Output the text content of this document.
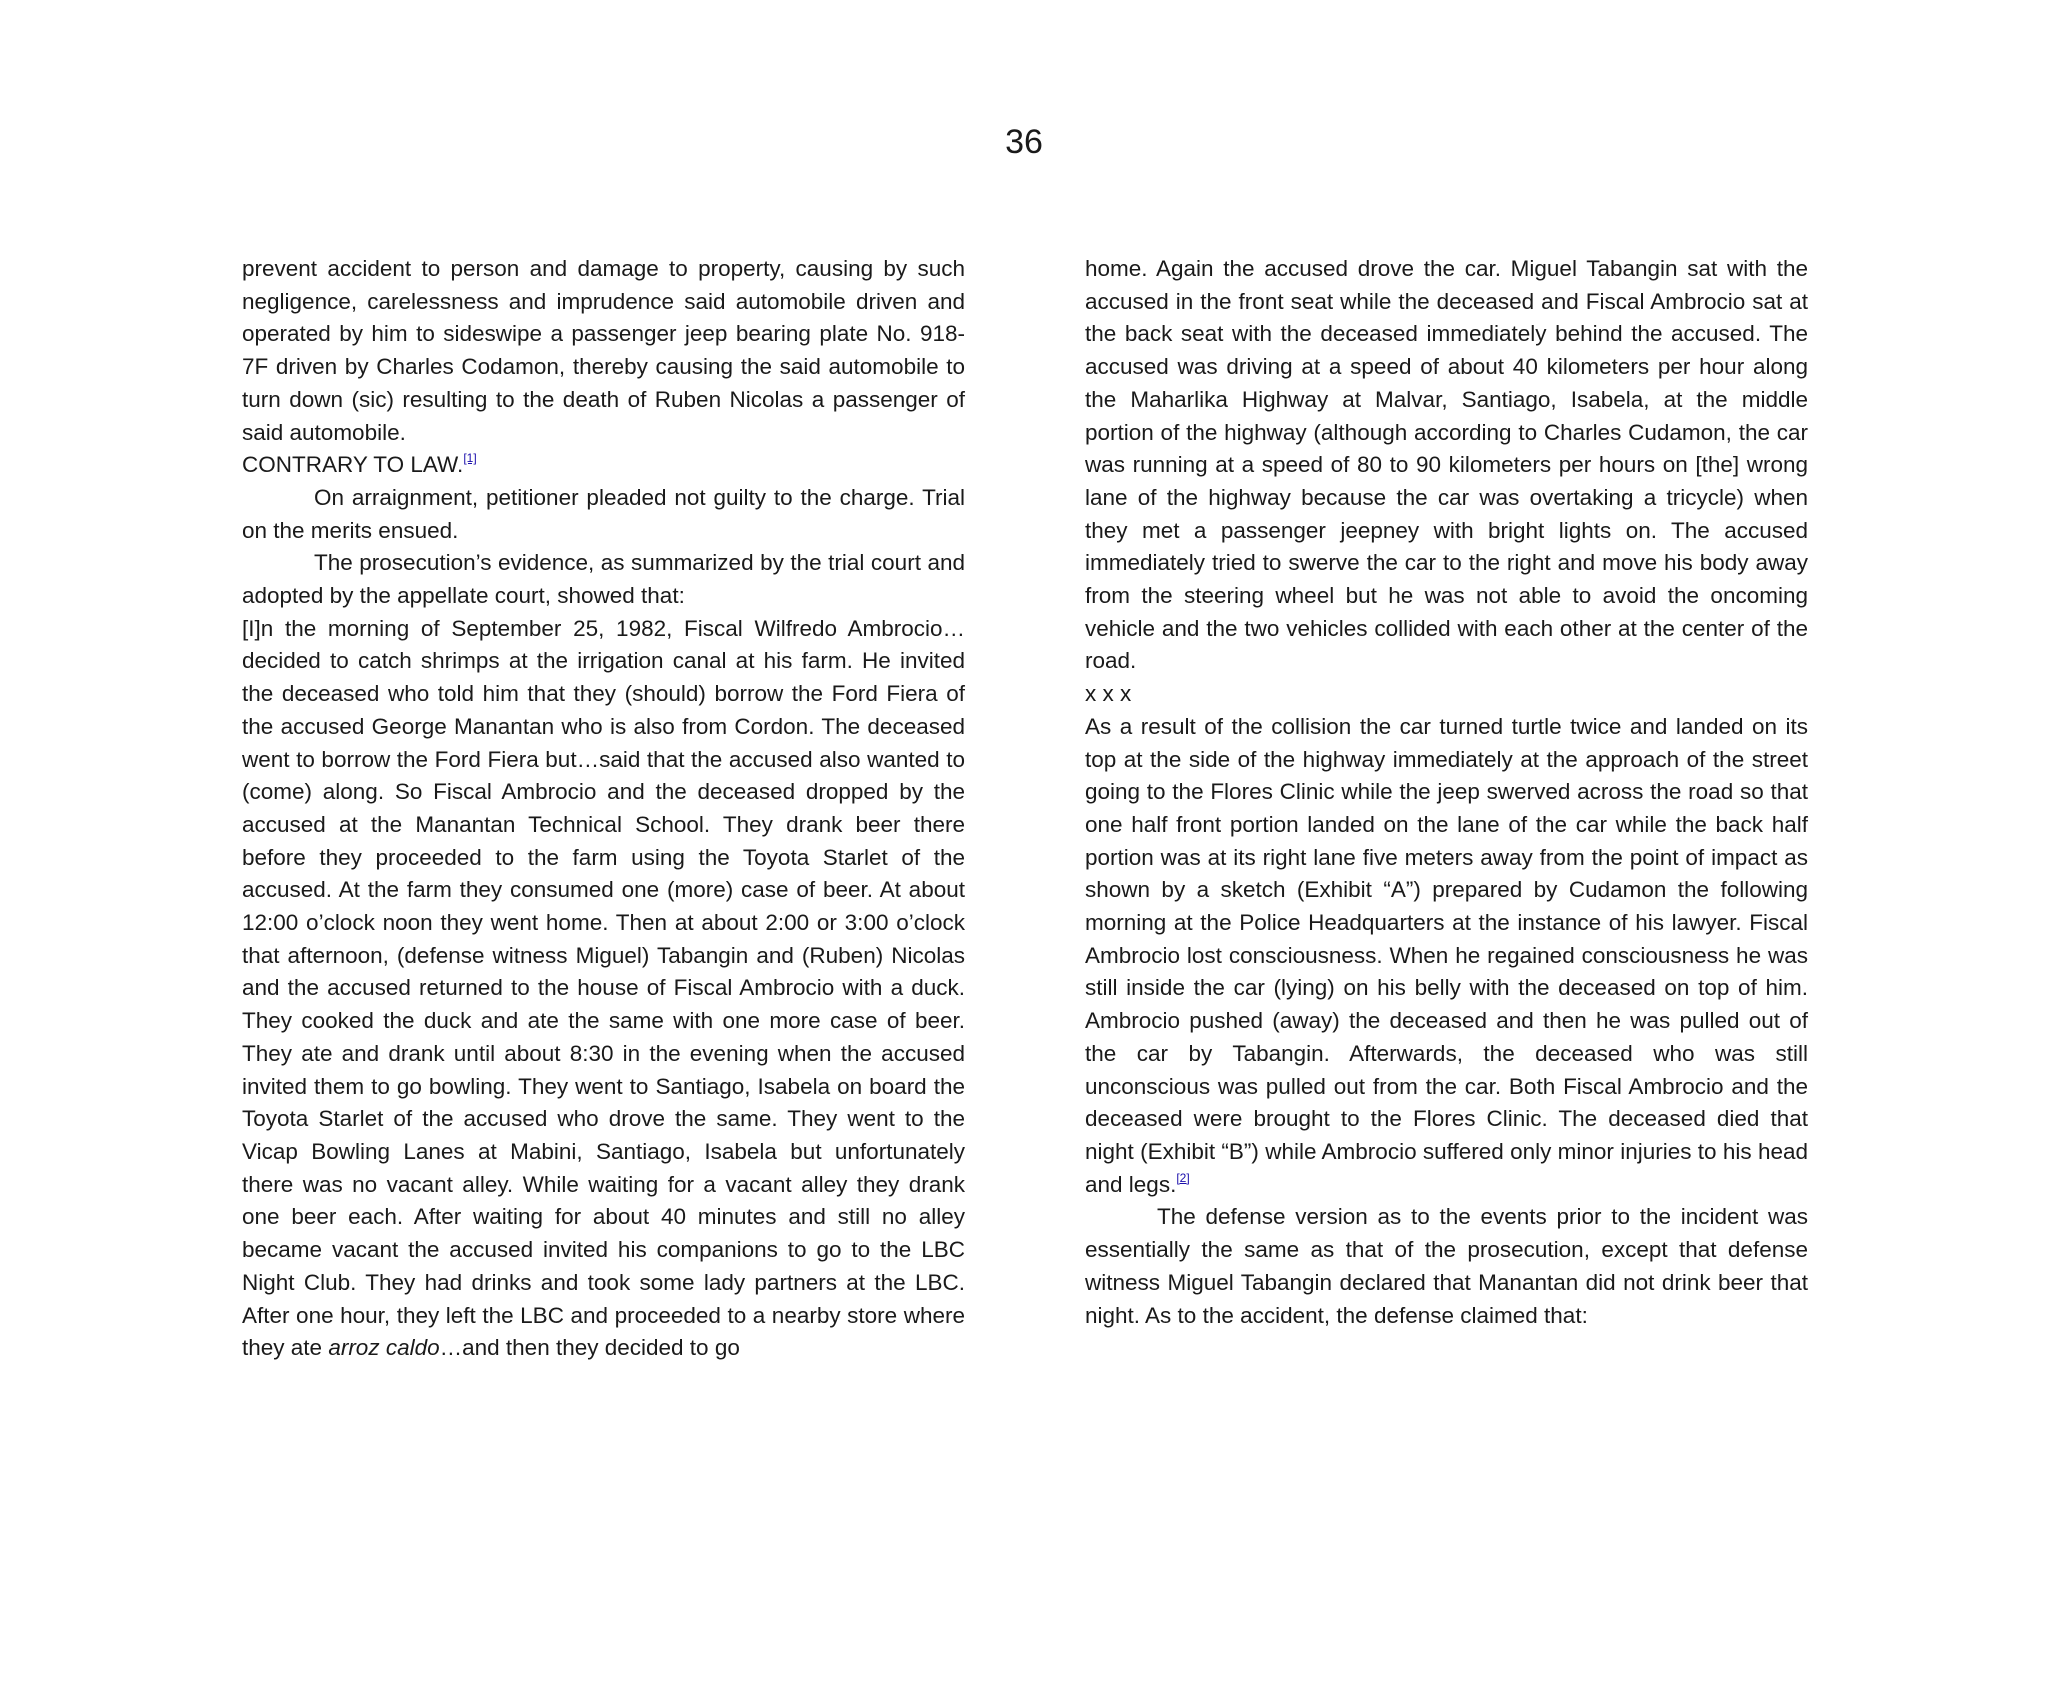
36

prevent accident to person and damage to property, causing by such negligence, carelessness and imprudence said automobile driven and operated by him to sideswipe a passenger jeep bearing plate No. 918-7F driven by Charles Codamon, thereby causing the said automobile to turn down (sic) resulting to the death of Ruben Nicolas a passenger of said automobile.

CONTRARY TO LAW.[1]

On arraignment, petitioner pleaded not guilty to the charge. Trial on the merits ensued.

The prosecution’s evidence, as summarized by the trial court and adopted by the appellate court, showed that:

[I]n the morning of September 25, 1982, Fiscal Wilfredo Ambrocio… decided to catch shrimps at the irrigation canal at his farm. He invited the deceased who told him that they (should) borrow the Ford Fiera of the accused George Manantan who is also from Cordon. The deceased went to borrow the Ford Fiera but…said that the accused also wanted to (come) along. So Fiscal Ambrocio and the deceased dropped by the accused at the Manantan Technical School. They drank beer there before they proceeded to the farm using the Toyota Starlet of the accused. At the farm they consumed one (more) case of beer. At about 12:00 o’clock noon they went home. Then at about 2:00 or 3:00 o’clock that afternoon, (defense witness Miguel) Tabangin and (Ruben) Nicolas and the accused returned to the house of Fiscal Ambrocio with a duck. They cooked the duck and ate the same with one more case of beer. They ate and drank until about 8:30 in the evening when the accused invited them to go bowling. They went to Santiago, Isabela on board the Toyota Starlet of the accused who drove the same. They went to the Vicap Bowling Lanes at Mabini, Santiago, Isabela but unfortunately there was no vacant alley. While waiting for a vacant alley they drank one beer each. After waiting for about 40 minutes and still no alley became vacant the accused invited his companions to go to the LBC Night Club. They had drinks and took some lady partners at the LBC. After one hour, they left the LBC and proceeded to a nearby store where they ate arroz caldo…and then they decided to go

home. Again the accused drove the car. Miguel Tabangin sat with the accused in the front seat while the deceased and Fiscal Ambrocio sat at the back seat with the deceased immediately behind the accused. The accused was driving at a speed of about 40 kilometers per hour along the Maharlika Highway at Malvar, Santiago, Isabela, at the middle portion of the highway (although according to Charles Cudamon, the car was running at a speed of 80 to 90 kilometers per hours on [the] wrong lane of the highway because the car was overtaking a tricycle) when they met a passenger jeepney with bright lights on. The accused immediately tried to swerve the car to the right and move his body away from the steering wheel but he was not able to avoid the oncoming vehicle and the two vehicles collided with each other at the center of the road.

x x x

As a result of the collision the car turned turtle twice and landed on its top at the side of the highway immediately at the approach of the street going to the Flores Clinic while the jeep swerved across the road so that one half front portion landed on the lane of the car while the back half portion was at its right lane five meters away from the point of impact as shown by a sketch (Exhibit “A”) prepared by Cudamon the following morning at the Police Headquarters at the instance of his lawyer. Fiscal Ambrocio lost consciousness. When he regained consciousness he was still inside the car (lying) on his belly with the deceased on top of him. Ambrocio pushed (away) the deceased and then he was pulled out of the car by Tabangin. Afterwards, the deceased who was still unconscious was pulled out from the car. Both Fiscal Ambrocio and the deceased were brought to the Flores Clinic. The deceased died that night (Exhibit “B”) while Ambrocio suffered only minor injuries to his head and legs.[2]

The defense version as to the events prior to the incident was essentially the same as that of the prosecution, except that defense witness Miguel Tabangin declared that Manantan did not drink beer that night. As to the accident, the defense claimed that:
